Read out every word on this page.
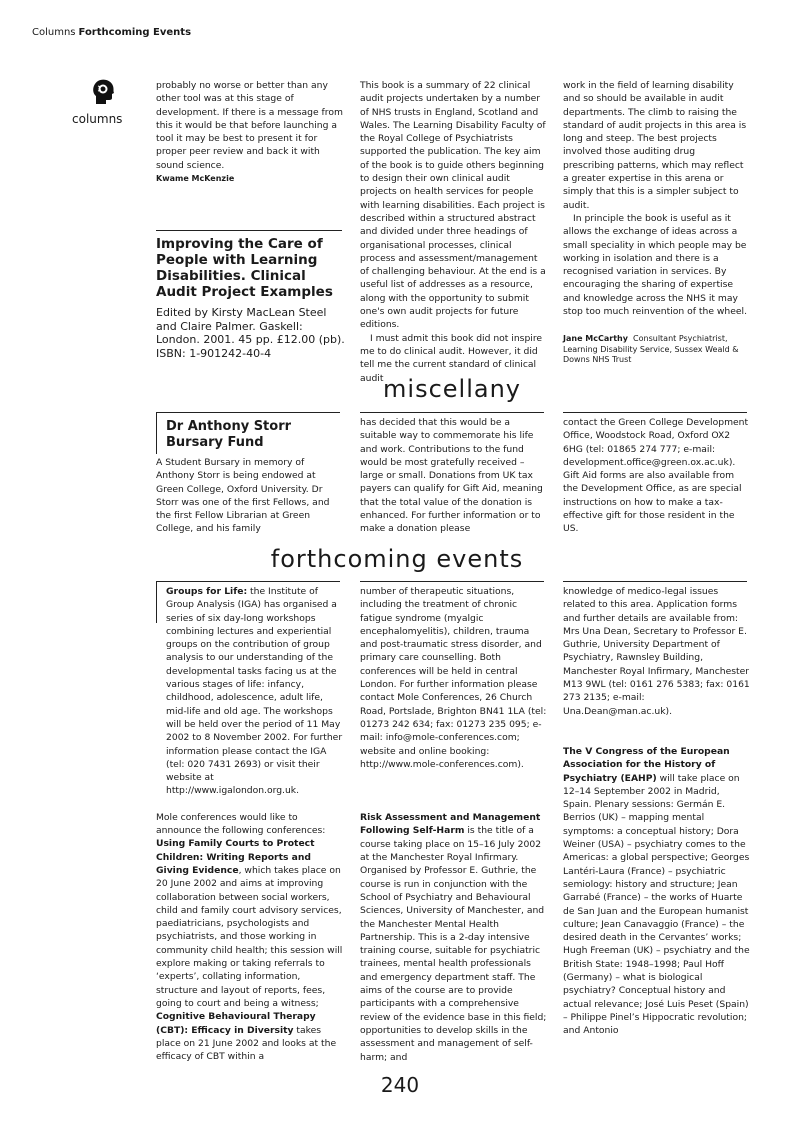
Columns Forthcoming Events
columns

probably no worse or better than any other tool was at this stage of development. If there is a message from this it would be that before launching a tool it may be best to present it for proper peer review and back it with sound science.

Kwame McKenzie

Improving the Care of People with Learning Disabilities. Clinical Audit Project Examples
Edited by Kirsty MacLean Steel and Claire Palmer. Gaskell: London. 2001. 45 pp. £12.00 (pb).
ISBN: 1-901242-40-4

This book is a summary of 22 clinical audit projects undertaken by a number of NHS trusts in England, Scotland and Wales. The Learning Disability Faculty of the Royal College of Psychiatrists supported the publication. The key aim of the book is to guide others beginning to design their own clinical audit projects on health services for people with learning disabilities. Each project is described within a structured abstract and divided under three headings of organisational processes, clinical process and assessment/management of challenging behaviour. At the end is a useful list of addresses as a resource, along with the opportunity to submit one's own audit projects for future editions.

I must admit this book did not inspire me to do clinical audit. However, it did tell me the current standard of clinical audit

work in the field of learning disability and so should be available in audit departments. The climb to raising the standard of audit projects in this area is long and steep. The best projects involved those auditing drug prescribing patterns, which may reflect a greater expertise in this arena or simply that this is a simpler subject to audit.

In principle the book is useful as it allows the exchange of ideas across a small speciality in which people may be working in isolation and there is a recognised variation in services. By encouraging the sharing of expertise and knowledge across the NHS it may stop too much reinvention of the wheel.

Jane McCarthy Consultant Psychiatrist, Learning Disability Service, Sussex Weald & Downs NHS Trust

miscellany
Dr Anthony Storr Bursary Fund
A Student Bursary in memory of Anthony Storr is being endowed at Green College, Oxford University. Dr Storr was one of the first Fellows, and the first Fellow Librarian at Green College, and his family
has decided that this would be a suitable way to commemorate his life and work. Contributions to the fund would be most gratefully received – large or small. Donations from UK tax payers can qualify for Gift Aid, meaning that the total value of the donation is enhanced. For further information or to make a donation please
contact the Green College Development Office, Woodstock Road, Oxford OX2 6HG (tel: 01865 274 777; e-mail: development.office@green.ox.ac.uk). Gift Aid forms are also available from the Development Office, as are special instructions on how to make a tax-effective gift for those resident in the US.
forthcoming events

Groups for Life: the Institute of Group Analysis (IGA) has organised a series of six day-long workshops combining lectures and experiential groups on the contribution of group analysis to our understanding of the developmental tasks facing us at the various stages of life: infancy, childhood, adolescence, adult life, mid-life and old age. The workshops will be held over the period of 11 May 2002 to 8 November 2002. For further information please contact the IGA (tel: 020 7431 2693) or visit their website at http://www.igalondon.org.uk.

Mole conferences would like to announce the following conferences: Using Family Courts to Protect Children: Writing Reports and Giving Evidence, which takes place on 20 June 2002 and aims at improving collaboration between social workers, child and family court advisory services, paediatricians, psychologists and psychiatrists, and those working in community child health; this session will explore making or taking referrals to ‘experts’, collating information, structure and layout of reports, fees, going to court and being a witness; Cognitive Behavioural Therapy (CBT): Efficacy in Diversity takes place on 21 June 2002 and looks at the efficacy of CBT within a

number of therapeutic situations, including the treatment of chronic fatigue syndrome (myalgic encephalomyelitis), children, trauma and post-traumatic stress disorder, and primary care counselling. Both conferences will be held in central London. For further information please contact Mole Conferences, 26 Church Road, Portslade, Brighton BN41 1LA (tel: 01273 242 634; fax: 01273 235 095; e-mail: info@mole-conferences.com; website and online booking: http://www.mole-conferences.com).

Risk Assessment and Management Following Self-Harm is the title of a course taking place on 15–16 July 2002 at the Manchester Royal Infirmary. Organised by Professor E. Guthrie, the course is run in conjunction with the School of Psychiatry and Behavioural Sciences, University of Manchester, and the Manchester Mental Health Partnership. This is a 2-day intensive training course, suitable for psychiatric trainees, mental health professionals and emergency department staff. The aims of the course are to provide participants with a comprehensive review of the evidence base in this field; opportunities to develop skills in the assessment and management of self-harm; and

knowledge of medico-legal issues related to this area. Application forms and further details are available from: Mrs Una Dean, Secretary to Professor E. Guthrie, University Department of Psychiatry, Rawnsley Building, Manchester Royal Infirmary, Manchester M13 9WL (tel: 0161 276 5383; fax: 0161 273 2135; e-mail: Una.Dean@man.ac.uk).

The V Congress of the European Association for the History of Psychiatry (EAHP) will take place on 12–14 September 2002 in Madrid, Spain. Plenary sessions: Germán E. Berrios (UK) – mapping mental symptoms: a conceptual history; Dora Weiner (USA) – psychiatry comes to the Americas: a global perspective; Georges Lantéri-Laura (France) – psychiatric semiology: history and structure; Jean Garrabé (France) – the works of Huarte de San Juan and the European humanist culture; Jean Canavaggio (France) – the desired death in the Cervantes’ works; Hugh Freeman (UK) – psychiatry and the British State: 1948–1998; Paul Hoff (Germany) – what is biological psychiatry? Conceptual history and actual relevance; José Luis Peset (Spain) – Philippe Pinel’s Hippocratic revolution; and Antonio

240
